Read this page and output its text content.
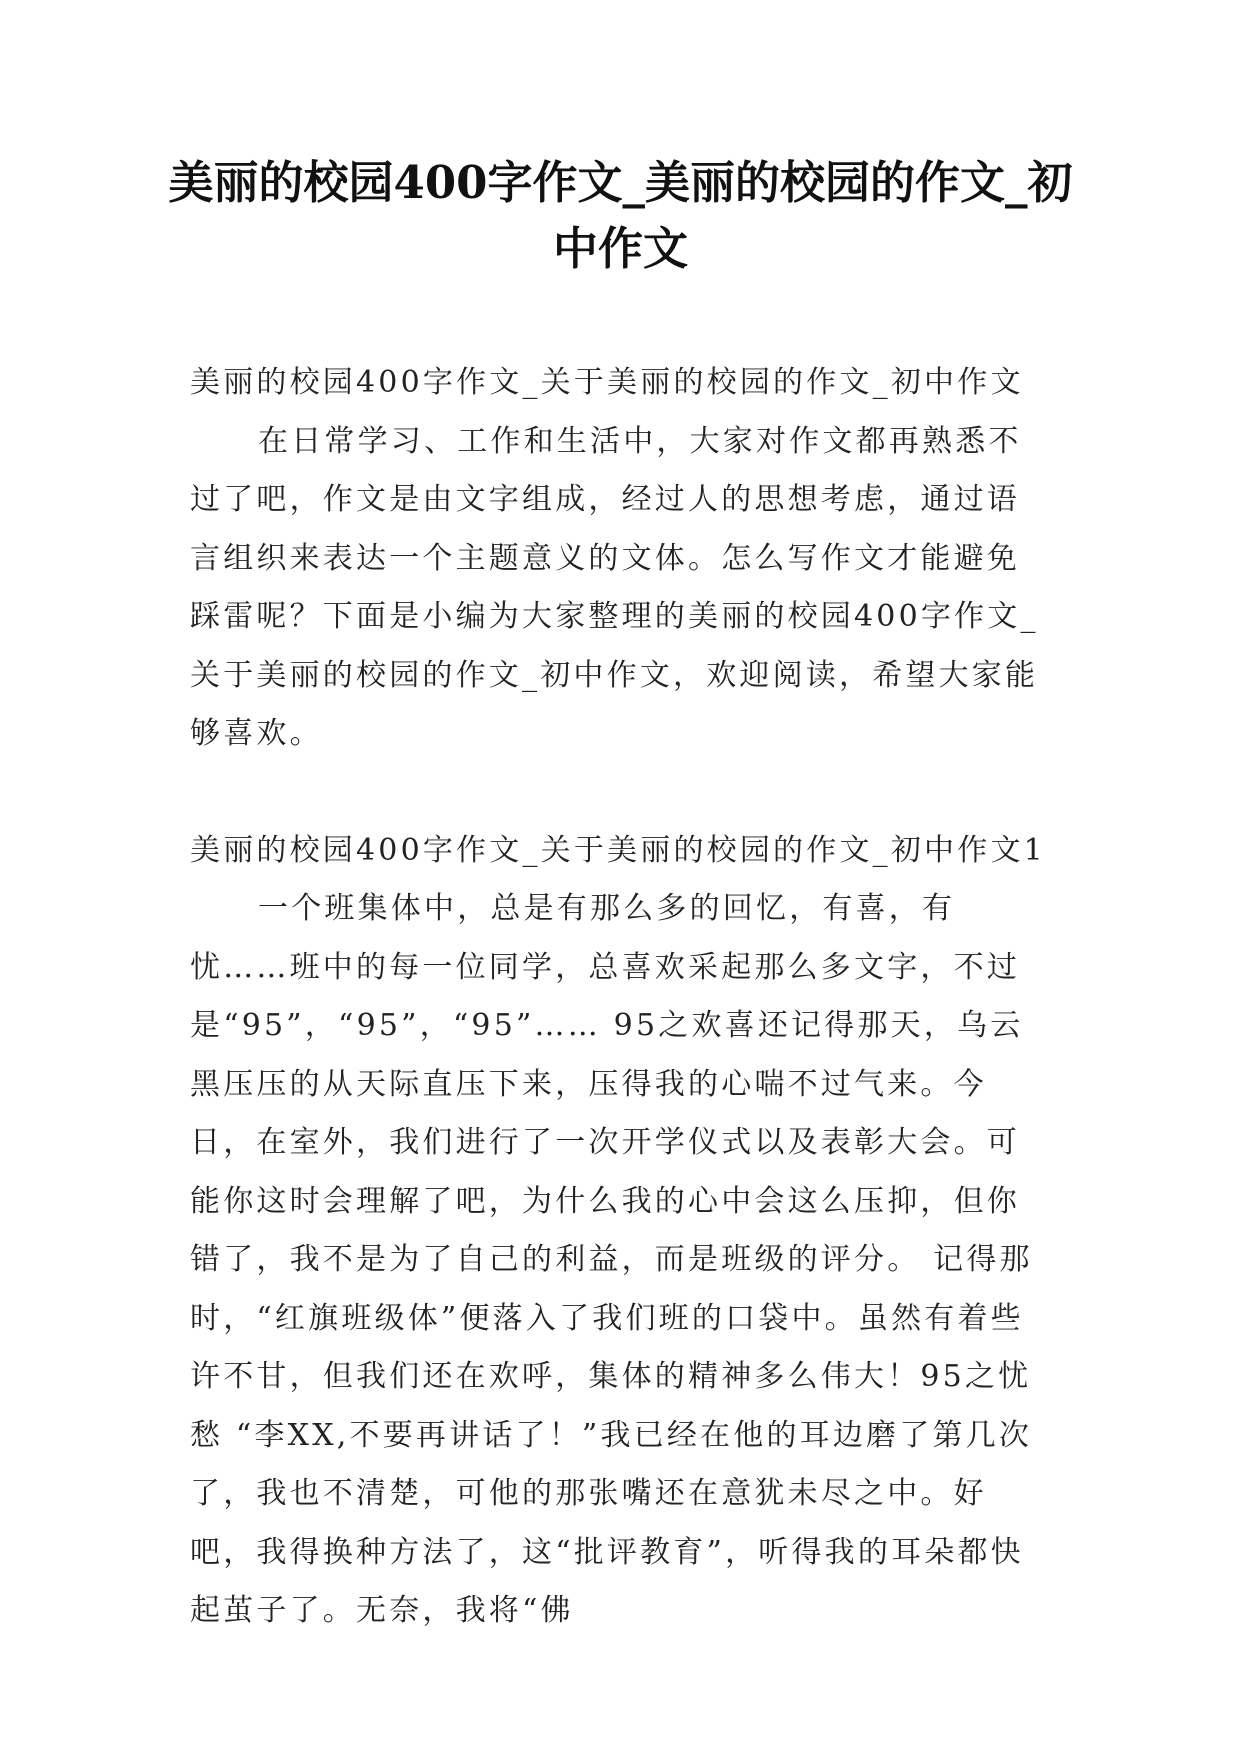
美丽的校园400字作文_美丽的校园的作文_初中作文

美丽的校园400字作文_关于美丽的校园的作文_初中作文

在日常学习、工作和生活中，大家对作文都再熟悉不过了吧，作文是由文字组成，经过人的思想考虑，通过语言组织来表达一个主题意义的文体。怎么写作文才能避免踩雷呢？下面是小编为大家整理的美丽的校园400字作文_关于美丽的校园的作文_初中作文，欢迎阅读，希望大家能够喜欢。

美丽的校园400字作文_关于美丽的校园的作文_初中作文1

一个班集体中，总是有那么多的回忆，有喜，有忧……班中的每一位同学，总喜欢采起那么多文字，不过是“95”，“95”，“95”…… 95之欢喜还记得那天，乌云黑压压的从天际直压下来，压得我的心喘不过气来。今日，在室外，我们进行了一次开学仪式以及表彰大会。可能你这时会理解了吧，为什么我的心中会这么压抑，但你错了，我不是为了自己的利益，而是班级的评分。 记得那时，“红旗班级体”便落入了我们班的口袋中。虽然有着些许不甘，但我们还在欢呼，集体的精神多么伟大！95之忧愁 “李XX,不要再讲话了！”我已经在他的耳边磨了第几次了，我也不清楚，可他的那张嘴还在意犹未尽之中。好吧，我得换种方法了，这“批评教育”，听得我的耳朵都快起茧子了。无奈，我将“佛
